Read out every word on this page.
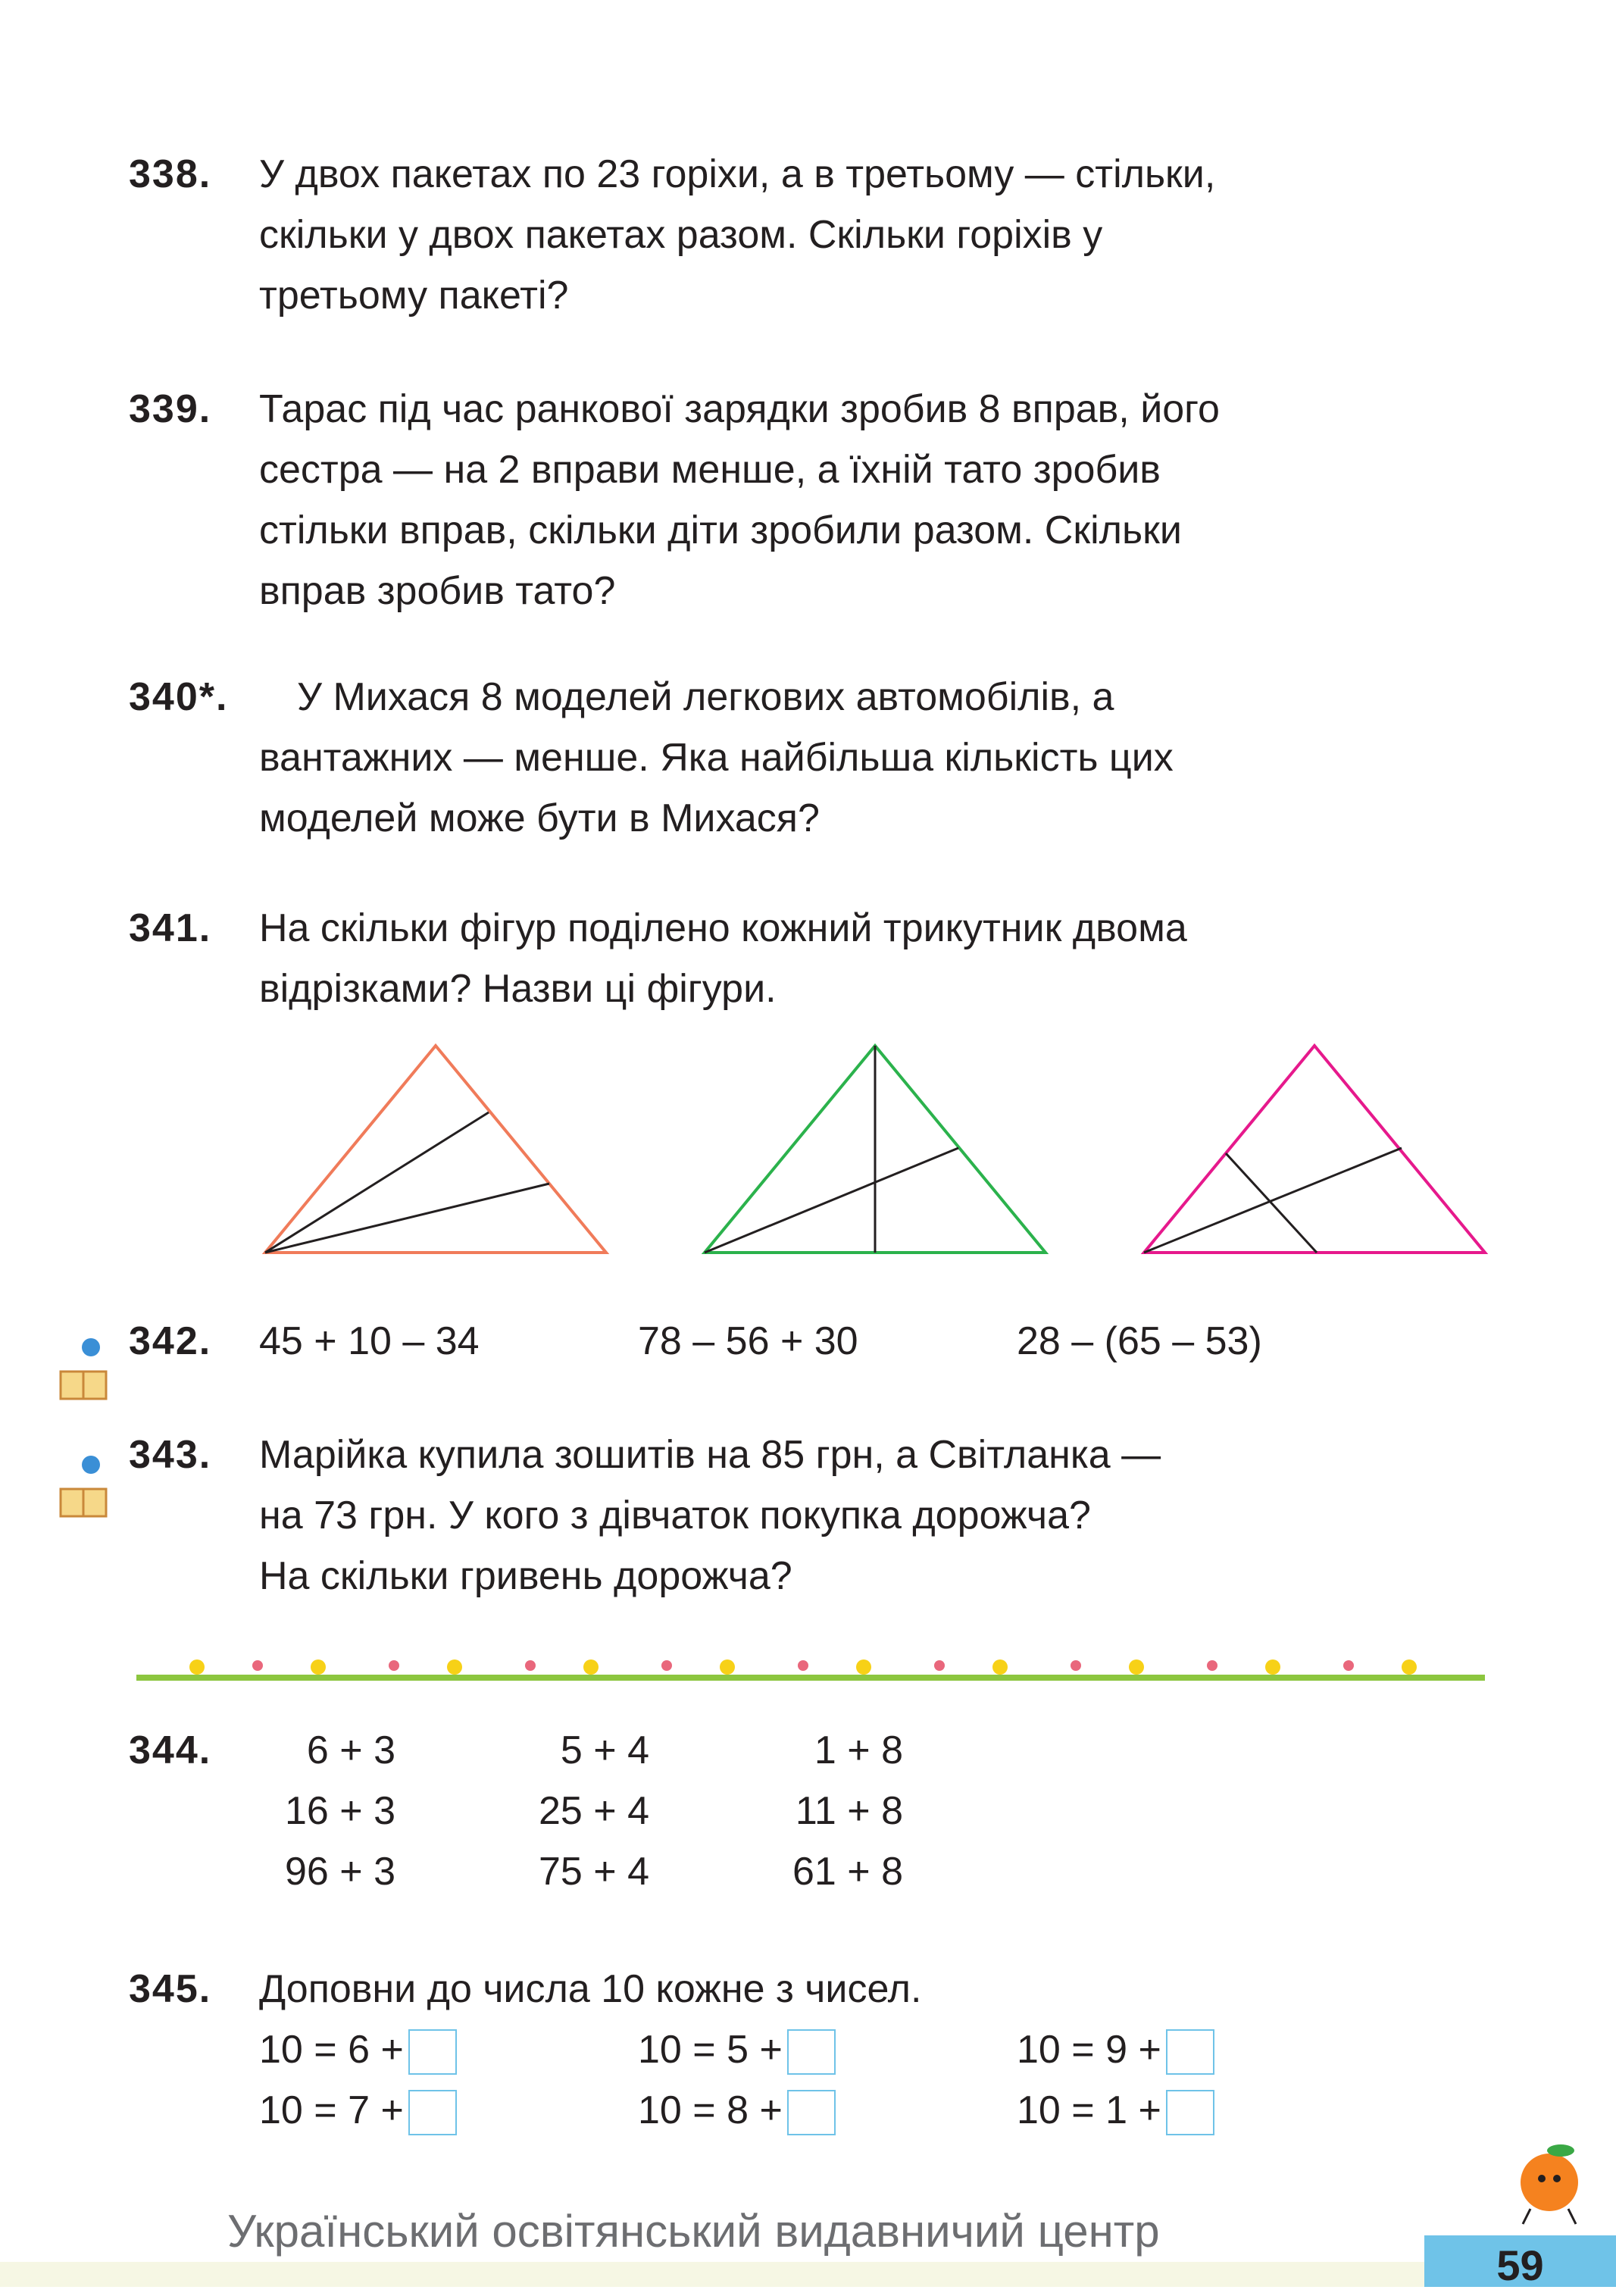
338. У двох пакетах по 23 горіхи, а в третьому — стільки,

скільки у двох пакетах разом. Скільки горіхів у

третьому пакеті?

339. Тарас під час ранкової зарядки зробив 8 вправ, його

сестра — на 2 вправи менше, а їхній тато зробив

стільки вправ, скільки діти зробили разом. Скільки

вправ зробив тато?

340*.	У Михася 8 моделей легкових автомобілів, а

вантажних — менше. Яка найбільша кількість цих

моделей може бути в Михася?

341. На скільки фігур поділено кожний трикутник двома

відрізками? Назви ці фігури.

342. 45 + 10 – 34	78 – 56 + 30	28 – (65 – 53)
343. Марійка купила зошитів на 85 грн, а Світланка —

на 73 грн. У кого з дівчаток покупка дорожча?

На скільки гривень дорожча?

344.	6 + 3	5 + 4	1 + 8
16 + 3	25 + 4	11 + 8
96 + 3	75 + 4	61 + 8
345. Доповни до числа 10 кожне з чисел.

10 = 6 +	10 = 5 +	10 = 9 +
10 = 7 +	10 = 8 +	10 = 1 +
Український освітянський видавничий центр
59
